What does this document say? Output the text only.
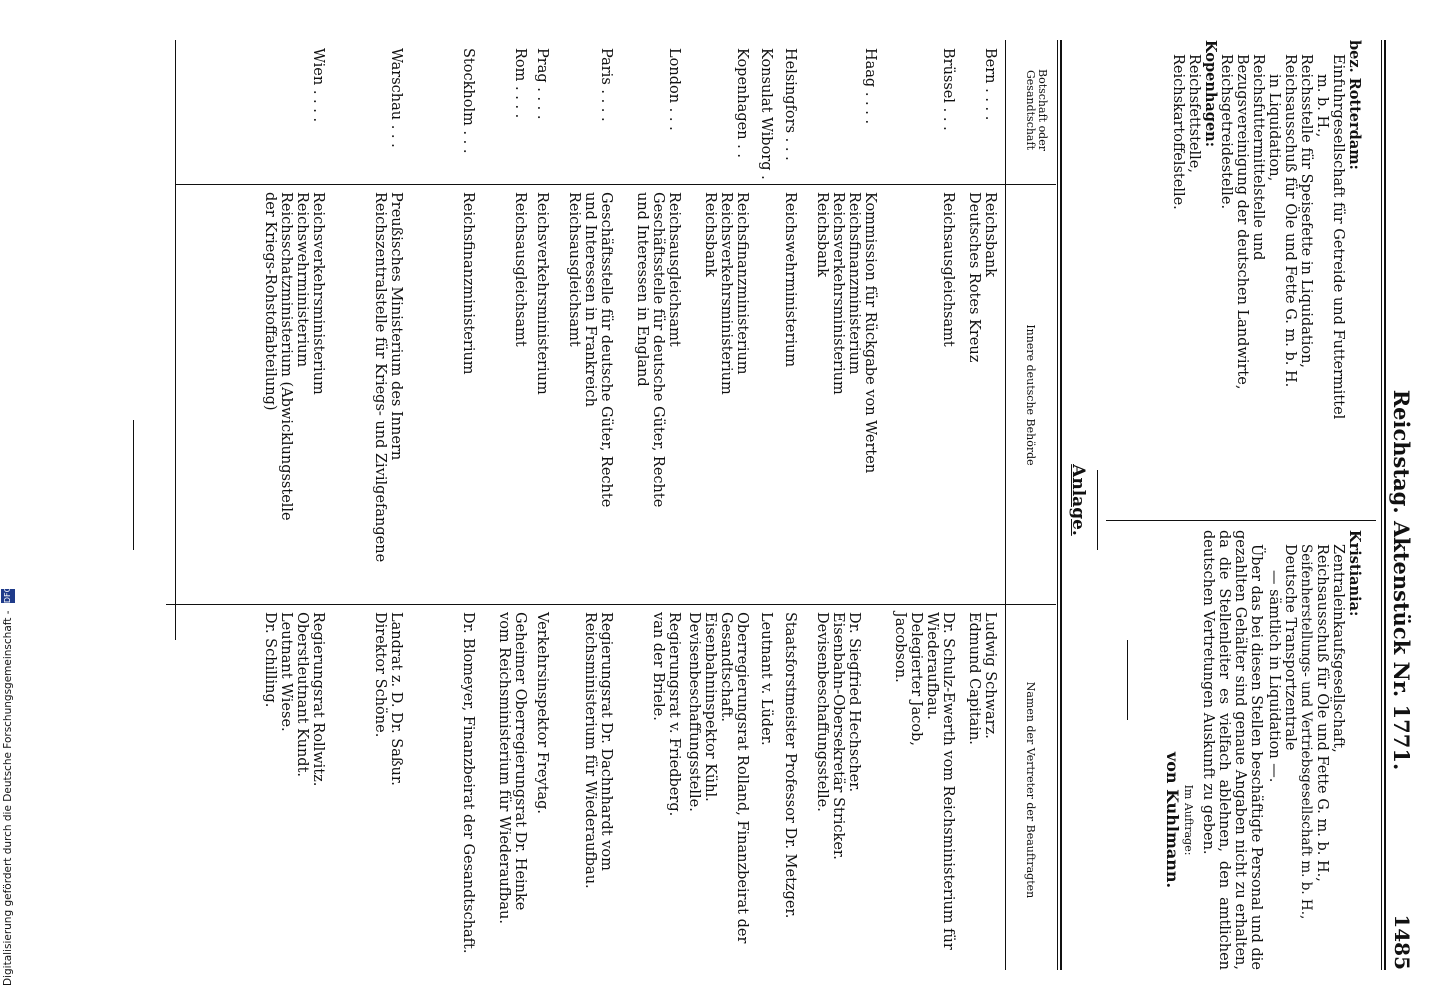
1485
Reichstag. Aktenstück Nr. 1771.
bez. Rotterdam:
Einfuhrgesellschaft für Getreide und Futtermittel
m. b. H.,
Reichsstelle für Speisefette in Liquidation,
Reichsausschuß für Öle und Fette G. m. b. H.
in Liquidation,
Reichsfuttermittelstelle und
Bezugsvereinigung der deutschen Landwirte,
Reichsgetreidestelle.
Kopenhagen:
Reichsfettstelle,
Reichskartoffelstelle.
Kristiania:
Zentraleinkaufsgesellschaft,
Reichsausschuß für Öle und Fette G. m. b. H.,
Seifenherstellungs- und Vertriebsgesellschaft m. b. H.,
Deutsche Transportzentrale
— sämtlich in Liquidation —.
Über das bei diesen Stellen beschäftigte Personal und die gezahlten Gehälter sind genaue Angaben nicht zu erhalten, da die Stellenleiter es vielfach ablehnen, den amtlichen deutschen Vertretungen Auskunft zu geben.
Im Auftrage:
von Kuhlmann.
Anlage.
Botschaft oder Gesandtschaft
Innere deutsche Behörde
Namen der Vertreter der Beauftragten
Bern . . . .
Reichsbank
Deutsches Rotes Kreuz
Ludwig Schwarz.
Edmund Capitain.
Brüssel . . .
Reichsausgleichsamt
Dr. Schulz-Ewerth vom Reichsministerium für Wiederaufbau.
Delegierter Jacob,
Jacobson.
Haag . . . .
Kommission für Rückgabe von Werten
Reichsfinanzministerium
Reichsverkehrsministerium
Reichsbank
Dr. Siegfried Hechscher.
Eisenbahn-Obersekretär Stricker.
Devisenbeschaffungsstelle.
Helsingfors . . .
Reichswehrministerium
Staatsforstmeister Professor Dr. Metzger.
Konsulat Wiborg .
Leutnant v. Lüder.
Kopenhagen . .
Reichsfinanzministerium
Reichsverkehrsministerium
Reichsbank
Oberregierungsrat Rolland, Finanzbeirat der Gesandtschaft.
Eisenbahninspektor Kühl.
Devisenbeschaffungsstelle.
London . . .
Reichsausgleichsamt
Geschäftsstelle für deutsche Güter, Rechte
und Interessen in England
Regierungsrat v. Friedberg.
van der Briele.
Paris . . . .
Geschäftsstelle für deutsche Güter, Rechte
und Interessen in Frankreich
Reichsausgleichsamt
Regierungsrat Dr. Dachnhardt vom
Reichsministerium für Wiederaufbau.
Prag . . . .
Reichsverkehrsministerium
Verkehrsinspektor Freytag.
Rom . . . .
Reichsausgleichsamt
Geheimer Oberregierungsrat Dr. Heinke
vom Reichsministerium für Wiederaufbau.
Stockholm . . .
Reichsfinanzministerium
Dr. Blomeyer, Finanzbeirat der Gesandtschaft.
Warschau . . .
Preußisches Ministerium des Innern
Reichszentralstelle für Kriegs- und Zivilgefangene
Landrat z. D. Dr. Saßur.
Direktor Schöne.
Wien . . . .
Reichsverkehrsministerium
Reichswehrministerium
Reichsschatzministerium (Abwicklungsstelle
der Kriegs-Rohstoffabteilung)
Regierungsrat Rollwitz.
Oberstleutnant Kundt.
Leutnant Wiese.
Dr. Schilling.
Digitalisierung gefördert durch die Deutsche Forschungsgemeinschaft - DFG
